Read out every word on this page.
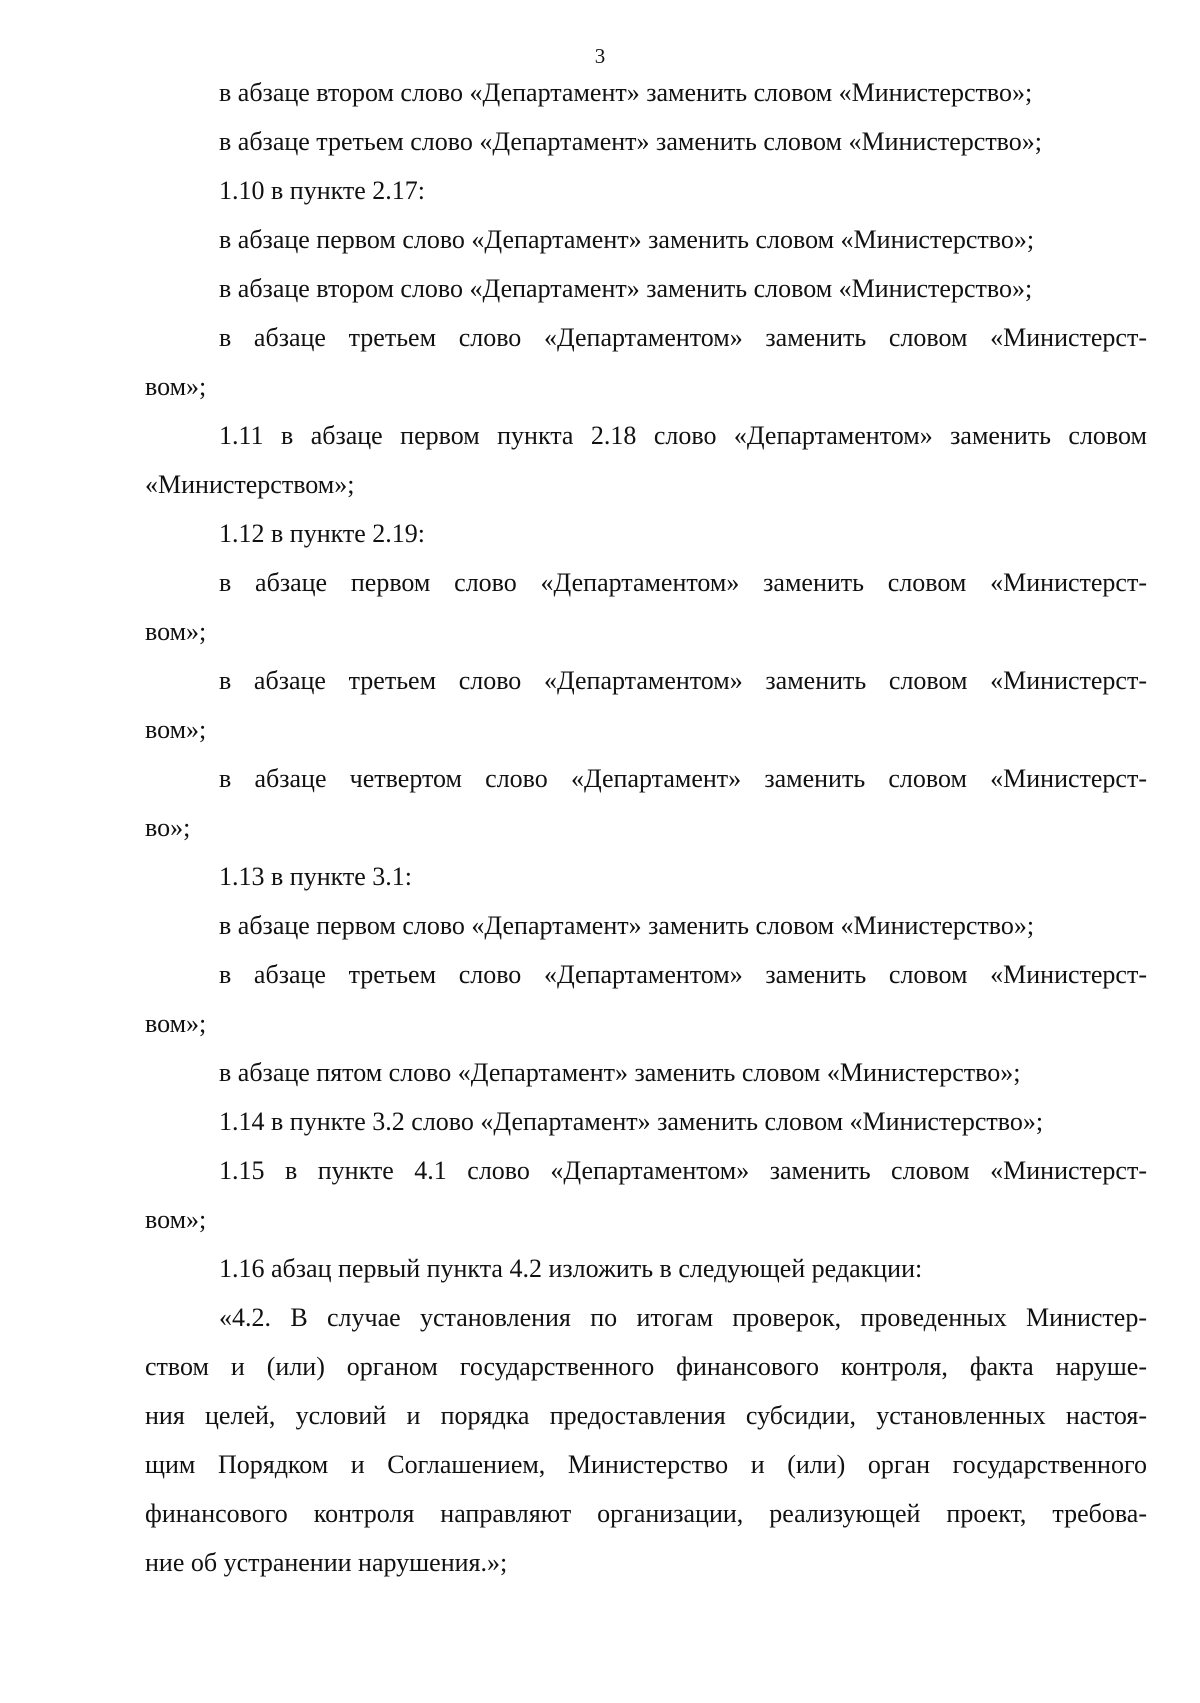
3
в абзаце втором слово «Департамент» заменить словом «Министерство»;
в абзаце третьем слово «Департамент» заменить словом «Министерство»;
1.10 в пункте 2.17:
в абзаце первом слово «Департамент» заменить словом «Министерство»;
в абзаце втором слово «Департамент» заменить словом «Министерство»;
в абзаце третьем слово «Департаментом» заменить словом «Министерст-
вом»;
1.11 в абзаце первом пункта 2.18 слово «Департаментом» заменить словом
«Министерством»;
1.12 в пункте 2.19:
в абзаце первом слово «Департаментом» заменить словом «Министерст-
вом»;
в абзаце третьем слово «Департаментом» заменить словом «Министерст-
вом»;
в абзаце четвертом слово «Департамент» заменить словом «Министерст-
во»;
1.13 в пункте 3.1:
в абзаце первом слово «Департамент» заменить словом «Министерство»;
в абзаце третьем слово «Департаментом» заменить словом «Министерст-
вом»;
в абзаце пятом слово «Департамент» заменить словом «Министерство»;
1.14 в пункте 3.2 слово «Департамент» заменить словом «Министерство»;
1.15 в пункте 4.1 слово «Департаментом» заменить словом «Министерст-
вом»;
1.16 абзац первый пункта 4.2 изложить в следующей редакции:
«4.2. В случае установления по итогам проверок, проведенных Министер-
ством и (или) органом государственного финансового контроля, факта наруше-
ния целей, условий и порядка предоставления субсидии, установленных настоя-
щим Порядком и Соглашением, Министерство и (или) орган государственного
финансового контроля направляют организации, реализующей проект, требова-
ние об устранении нарушения.»;
